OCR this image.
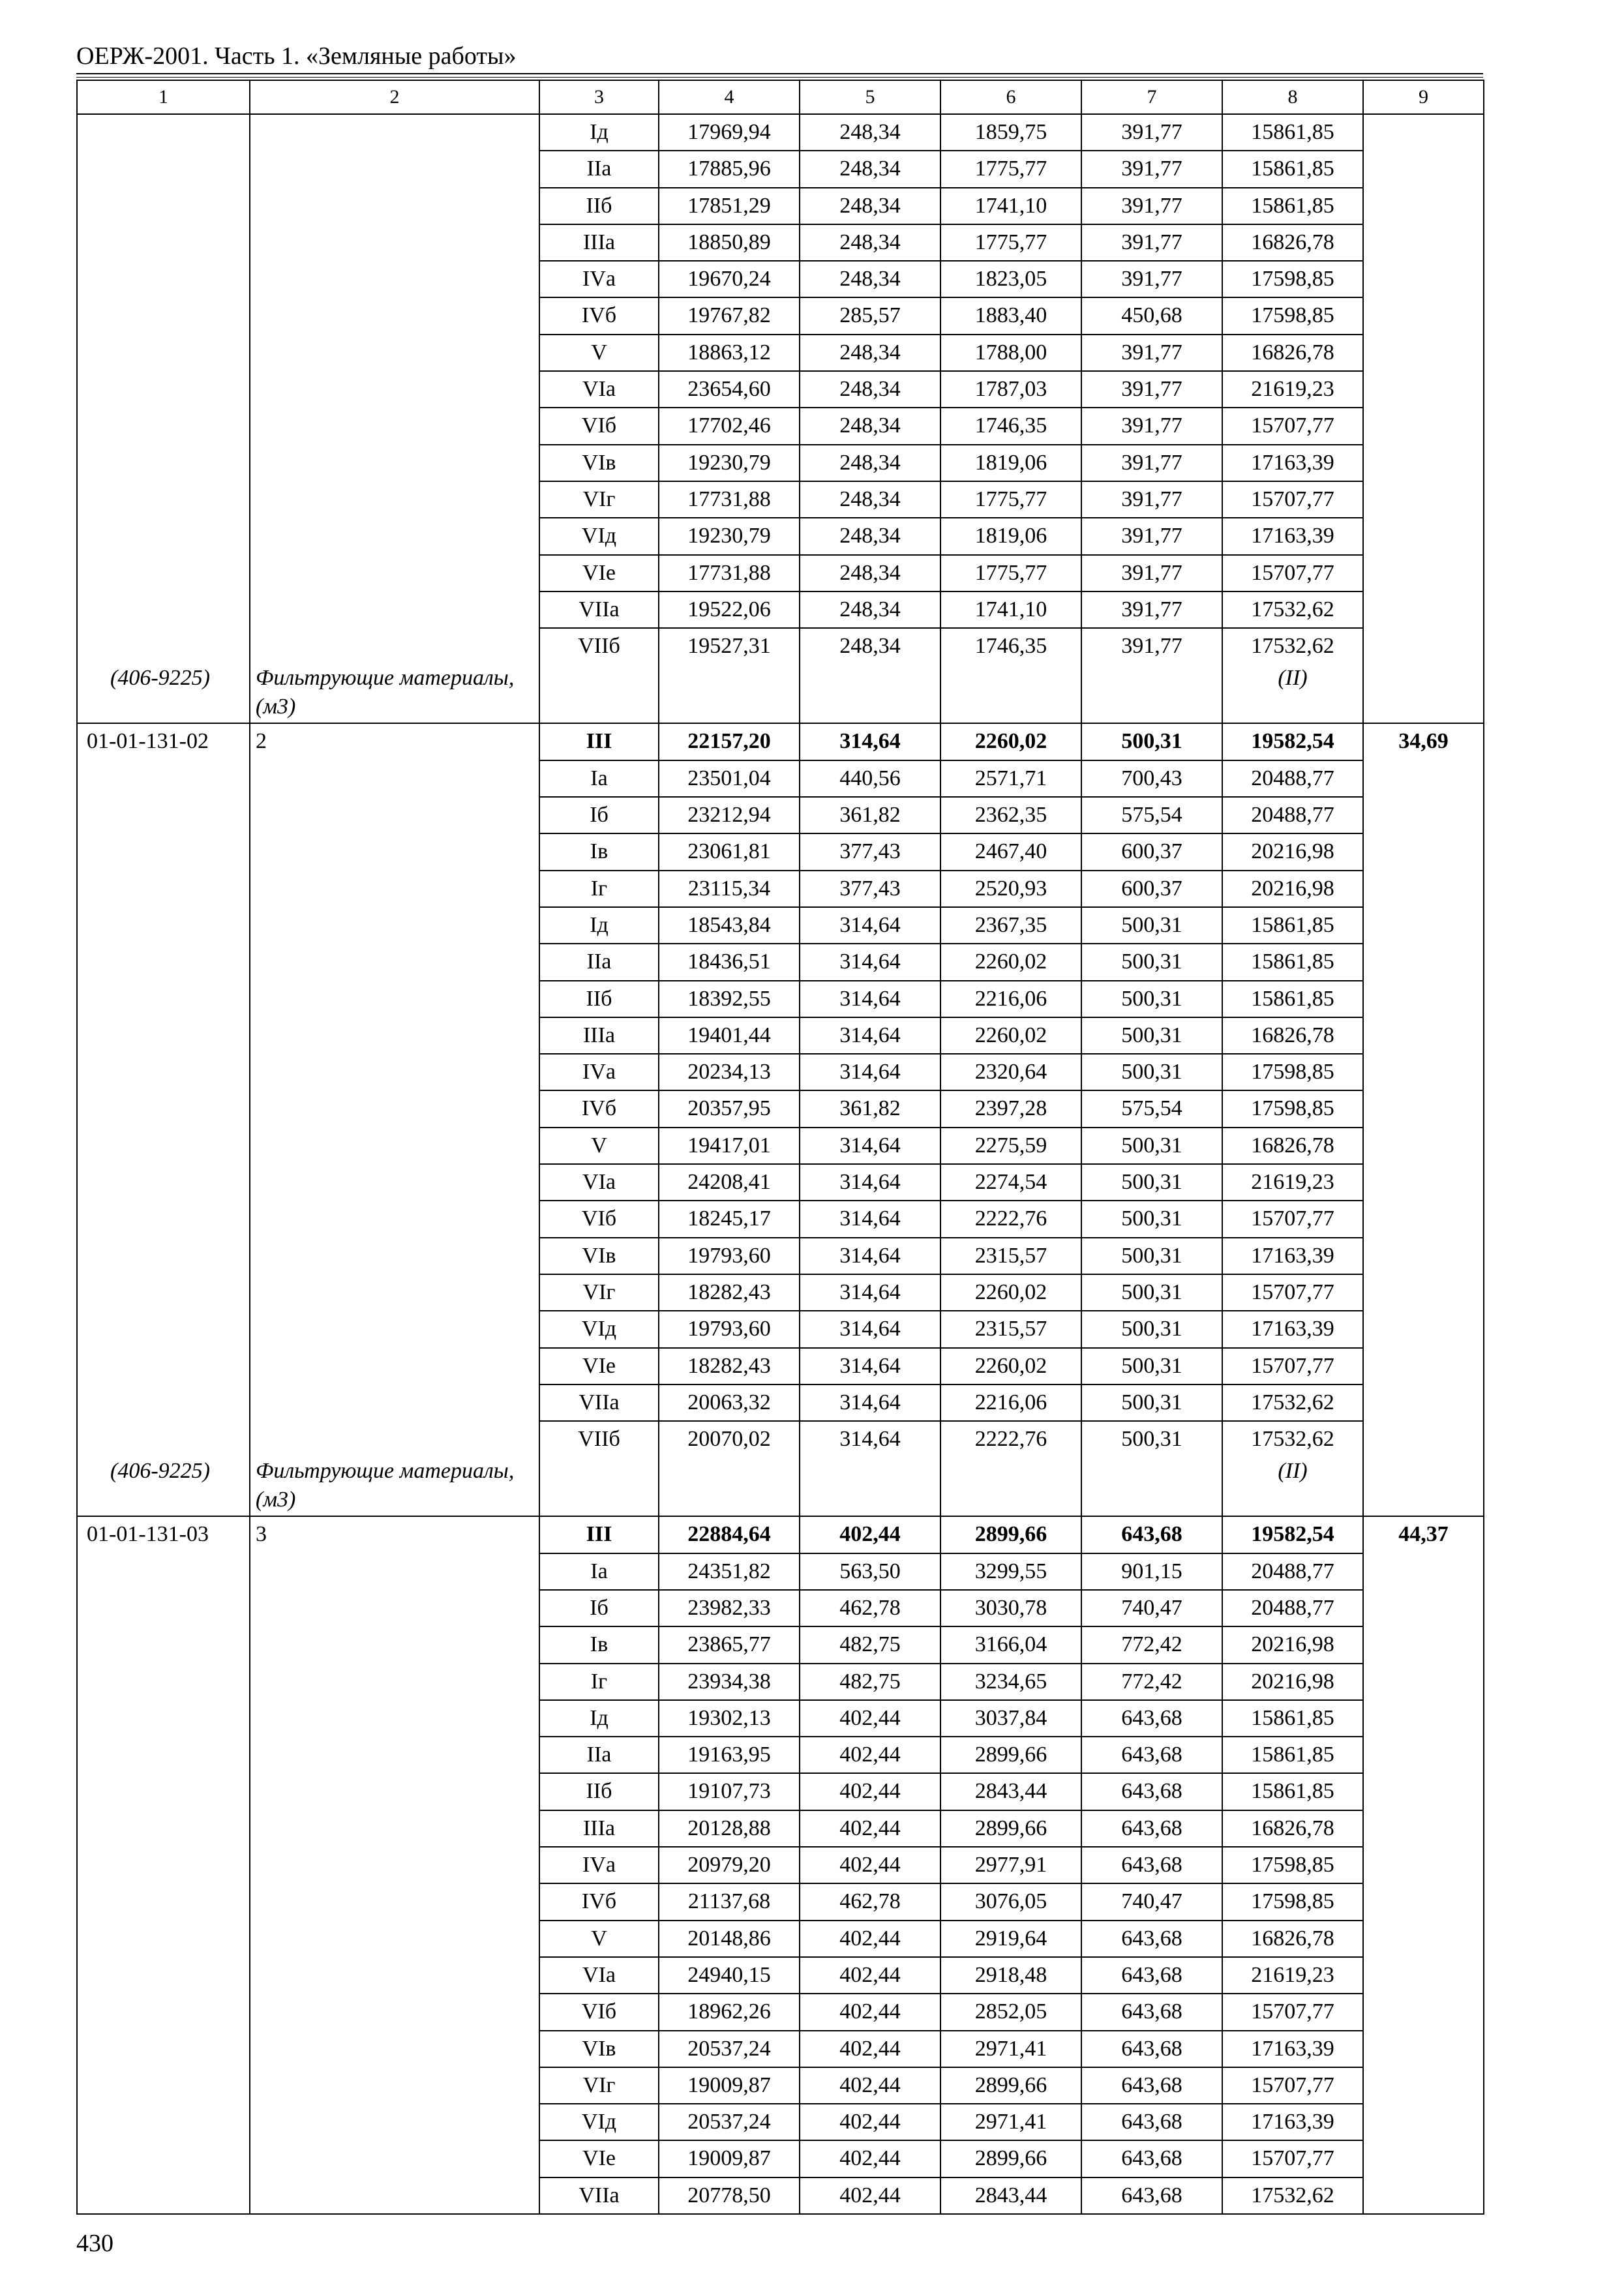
ОЕРЖ-2001. Часть 1. «Земляные работы»
1	2	3	4	5	6	7	8	9
		Iд	17969,94	248,34	1859,75	391,77	15861,85	
		IIа	17885,96	248,34	1775,77	391,77	15861,85	
		IIб	17851,29	248,34	1741,10	391,77	15861,85	
		IIIа	18850,89	248,34	1775,77	391,77	16826,78	
		IVа	19670,24	248,34	1823,05	391,77	17598,85	
		IVб	19767,82	285,57	1883,40	450,68	17598,85	
		V	18863,12	248,34	1788,00	391,77	16826,78	
		VIа	23654,60	248,34	1787,03	391,77	21619,23	
		VIб	17702,46	248,34	1746,35	391,77	15707,77	
		VIв	19230,79	248,34	1819,06	391,77	17163,39	
		VIг	17731,88	248,34	1775,77	391,77	15707,77	
		VIд	19230,79	248,34	1819,06	391,77	17163,39	
		VIе	17731,88	248,34	1775,77	391,77	15707,77	
		VIIа	19522,06	248,34	1741,10	391,77	17532,62	
		VIIб	19527,31	248,34	1746,35	391,77	17532,62	
(406-9225)	Фильтрующие материалы, (м3)						(II)	
01-01-131-02	2	III	22157,20	314,64	2260,02	500,31	19582,54	34,69
		Iа	23501,04	440,56	2571,71	700,43	20488,77	
		Iб	23212,94	361,82	2362,35	575,54	20488,77	
		Iв	23061,81	377,43	2467,40	600,37	20216,98	
		Iг	23115,34	377,43	2520,93	600,37	20216,98	
		Iд	18543,84	314,64	2367,35	500,31	15861,85	
		IIа	18436,51	314,64	2260,02	500,31	15861,85	
		IIб	18392,55	314,64	2216,06	500,31	15861,85	
		IIIа	19401,44	314,64	2260,02	500,31	16826,78	
		IVа	20234,13	314,64	2320,64	500,31	17598,85	
		IVб	20357,95	361,82	2397,28	575,54	17598,85	
		V	19417,01	314,64	2275,59	500,31	16826,78	
		VIа	24208,41	314,64	2274,54	500,31	21619,23	
		VIб	18245,17	314,64	2222,76	500,31	15707,77	
		VIв	19793,60	314,64	2315,57	500,31	17163,39	
		VIг	18282,43	314,64	2260,02	500,31	15707,77	
		VIд	19793,60	314,64	2315,57	500,31	17163,39	
		VIе	18282,43	314,64	2260,02	500,31	15707,77	
		VIIа	20063,32	314,64	2216,06	500,31	17532,62	
		VIIб	20070,02	314,64	2222,76	500,31	17532,62	
(406-9225)	Фильтрующие материалы, (м3)						(II)	
01-01-131-03	3	III	22884,64	402,44	2899,66	643,68	19582,54	44,37
		Iа	24351,82	563,50	3299,55	901,15	20488,77	
		Iб	23982,33	462,78	3030,78	740,47	20488,77	
		Iв	23865,77	482,75	3166,04	772,42	20216,98	
		Iг	23934,38	482,75	3234,65	772,42	20216,98	
		Iд	19302,13	402,44	3037,84	643,68	15861,85	
		IIа	19163,95	402,44	2899,66	643,68	15861,85	
		IIб	19107,73	402,44	2843,44	643,68	15861,85	
		IIIа	20128,88	402,44	2899,66	643,68	16826,78	
		IVа	20979,20	402,44	2977,91	643,68	17598,85	
		IVб	21137,68	462,78	3076,05	740,47	17598,85	
		V	20148,86	402,44	2919,64	643,68	16826,78	
		VIа	24940,15	402,44	2918,48	643,68	21619,23	
		VIб	18962,26	402,44	2852,05	643,68	15707,77	
		VIв	20537,24	402,44	2971,41	643,68	17163,39	
		VIг	19009,87	402,44	2899,66	643,68	15707,77	
		VIд	20537,24	402,44	2971,41	643,68	17163,39	
		VIе	19009,87	402,44	2899,66	643,68	15707,77	
		VIIа	20778,50	402,44	2843,44	643,68	17532,62	
430
